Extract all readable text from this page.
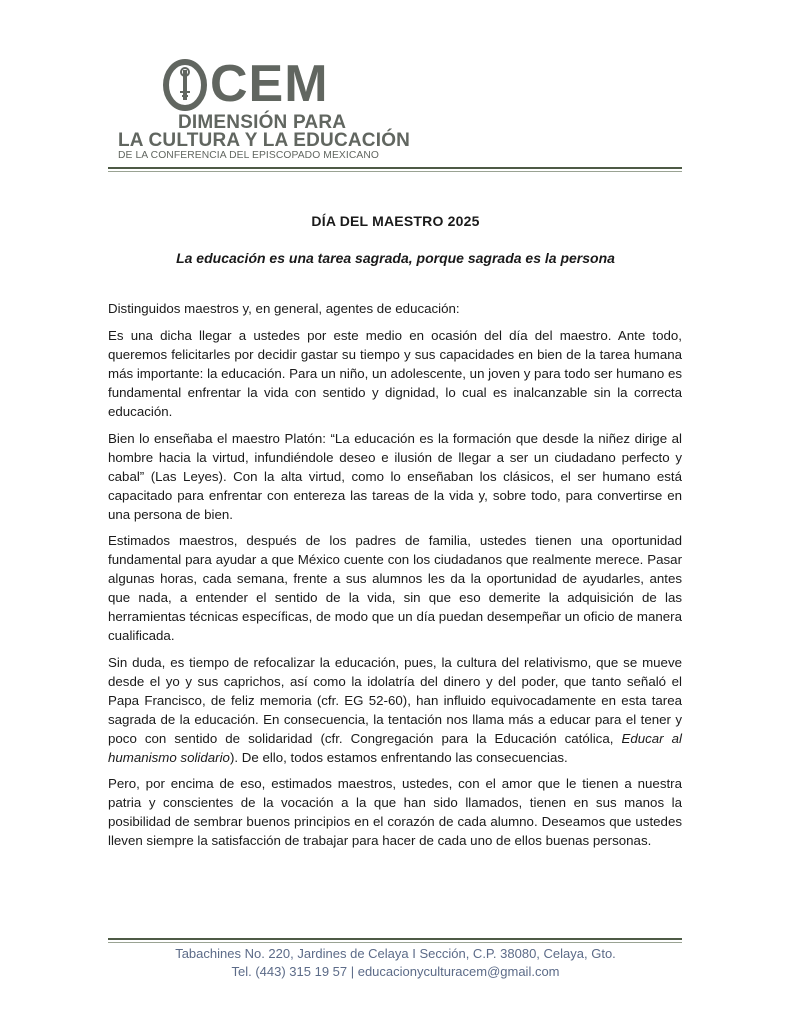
CEM
DIMENSIÓN PARA
LA CULTURA Y LA EDUCACIÓN
DE LA CONFERENCIA DEL EPISCOPADO MEXICANO
DÍA DEL MAESTRO 2025
La educación es una tarea sagrada, porque sagrada es la persona

Distinguidos maestros y, en general, agentes de educación:

Es una dicha llegar a ustedes por este medio en ocasión del día del maestro. Ante todo, queremos felicitarles por decidir gastar su tiempo y sus capacidades en bien de la tarea humana más importante: la educación. Para un niño, un adolescente, un joven y para todo ser humano es fundamental enfrentar la vida con sentido y dignidad, lo cual es inalcanzable sin la correcta educación.

Bien lo enseñaba el maestro Platón: “La educación es la formación que desde la niñez dirige al hombre hacia la virtud, infundiéndole deseo e ilusión de llegar a ser un ciudadano perfecto y cabal” (Las Leyes). Con la alta virtud, como lo enseñaban los clásicos, el ser humano está capacitado para enfrentar con entereza las tareas de la vida y, sobre todo, para convertirse en una persona de bien.

Estimados maestros, después de los padres de familia, ustedes tienen una oportunidad fundamental para ayudar a que México cuente con los ciudadanos que realmente merece. Pasar algunas horas, cada semana, frente a sus alumnos les da la oportunidad de ayudarles, antes que nada, a entender el sentido de la vida, sin que eso demerite la adquisición de las herramientas técnicas específicas, de modo que un día puedan desempeñar un oficio de manera cualificada.

Sin duda, es tiempo de refocalizar la educación, pues, la cultura del relativismo, que se mueve desde el yo y sus caprichos, así como la idolatría del dinero y del poder, que tanto señaló el Papa Francisco, de feliz memoria (cfr. EG 52-60), han influido equivocadamente en esta tarea sagrada de la educación. En consecuencia, la tentación nos llama más a educar para el tener y poco con sentido de solidaridad (cfr. Congregación para la Educación católica, Educar al humanismo solidario). De ello, todos estamos enfrentando las consecuencias.

Pero, por encima de eso, estimados maestros, ustedes, con el amor que le tienen a nuestra patria y conscientes de la vocación a la que han sido llamados, tienen en sus manos la posibilidad de sembrar buenos principios en el corazón de cada alumno. Deseamos que ustedes lleven siempre la satisfacción de trabajar para hacer de cada uno de ellos buenas personas.

Tabachines No. 220, Jardines de Celaya I Sección, C.P. 38080, Celaya, Gto.
Tel. (443) 315 19 57 | educacionyculturacem@gmail.com
